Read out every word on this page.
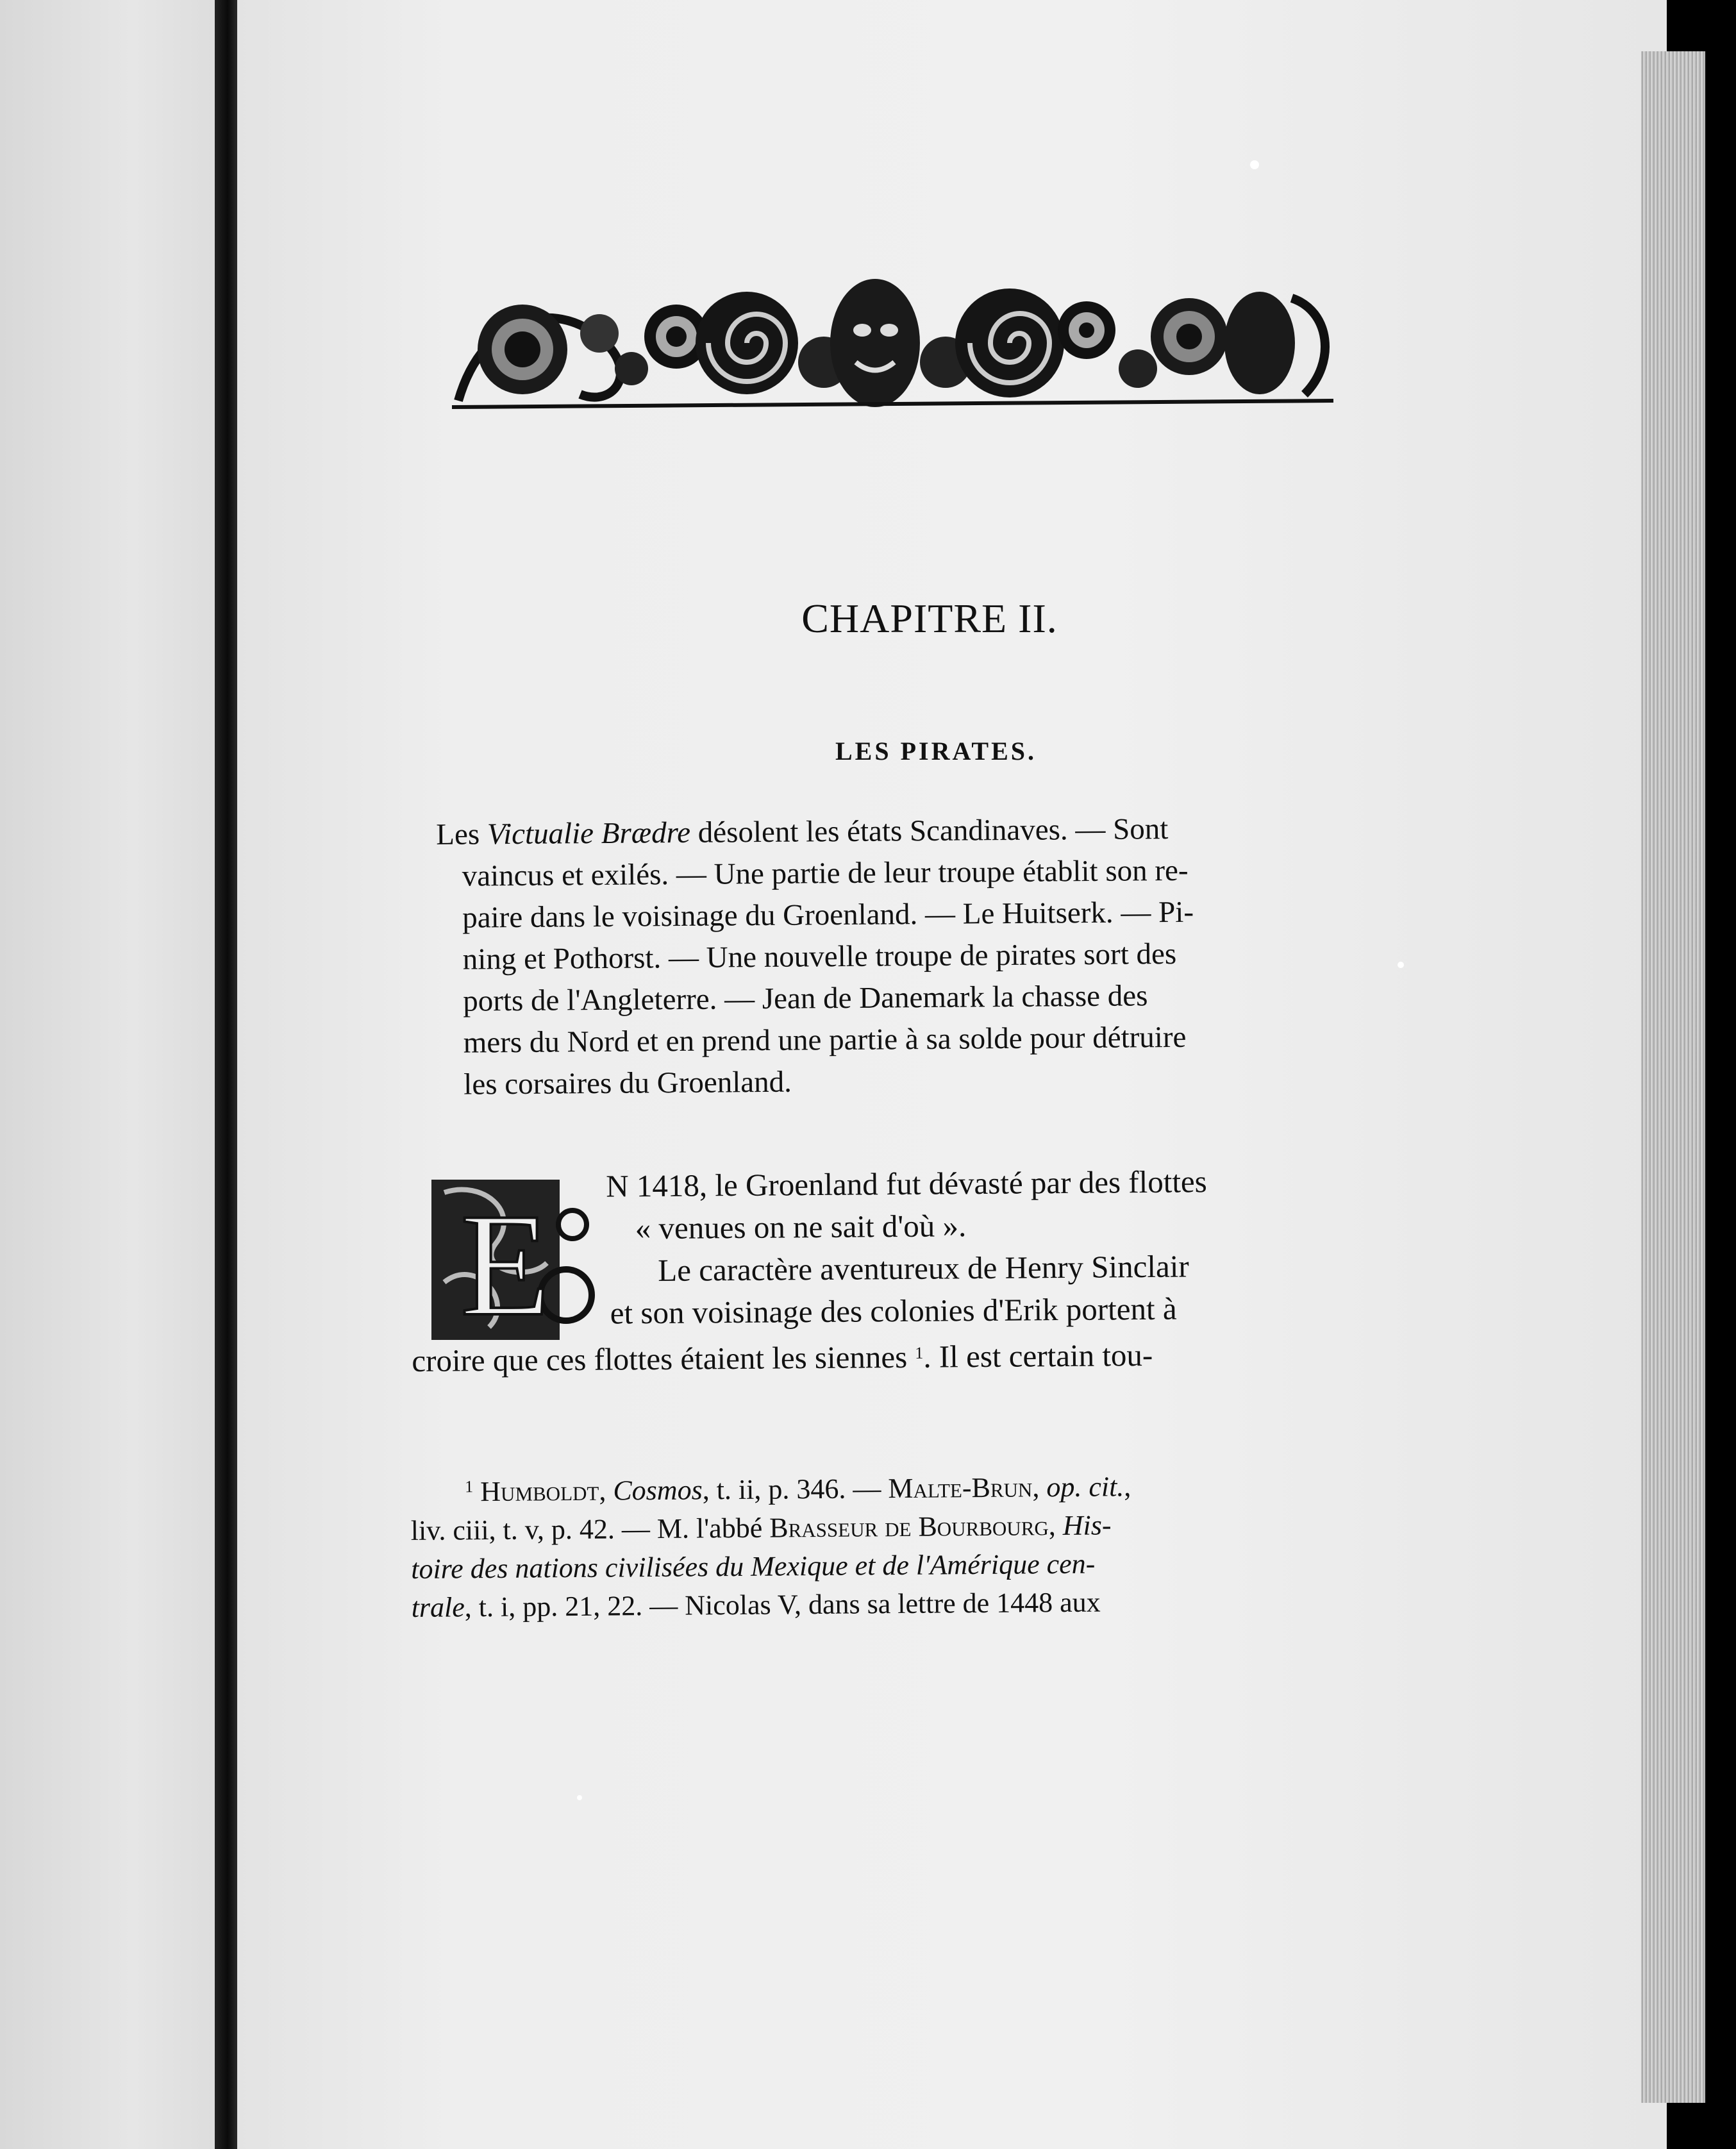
CHAPITRE II.
LES PIRATES.
Les Victualie Brædre désolent les états Scandinaves. — Sont
vaincus et exilés. — Une partie de leur troupe établit son re-
paire dans le voisinage du Groenland. — Le Huitserk. — Pi-
ning et Pothorst. — Une nouvelle troupe de pirates sort des
ports de l'Angleterre. — Jean de Danemark la chasse des
mers du Nord et en prend une partie à sa solde pour détruire
les corsaires du Groenland.
E	N 1418, le Groenland fut dévasté par des flottes
« venues on ne sait d'où ».
Le caractère aventureux de Henry Sinclair
et son voisinage des colonies d'Erik portent à
croire que ces flottes étaient les siennes $^1$. Il est certain tou-
$^1$ Humboldt, Cosmos, t. ii, p. 346. — Malte-Brun, op. cit.,
liv. ciii, t. v, p. 42. — M. l'abbé Brasseur de Bourbourg, His-
toire des nations civilisées du Mexique et de l'Amérique cen-
trale, t. i, pp. 21, 22. — Nicolas V, dans sa lettre de 1448 aux
